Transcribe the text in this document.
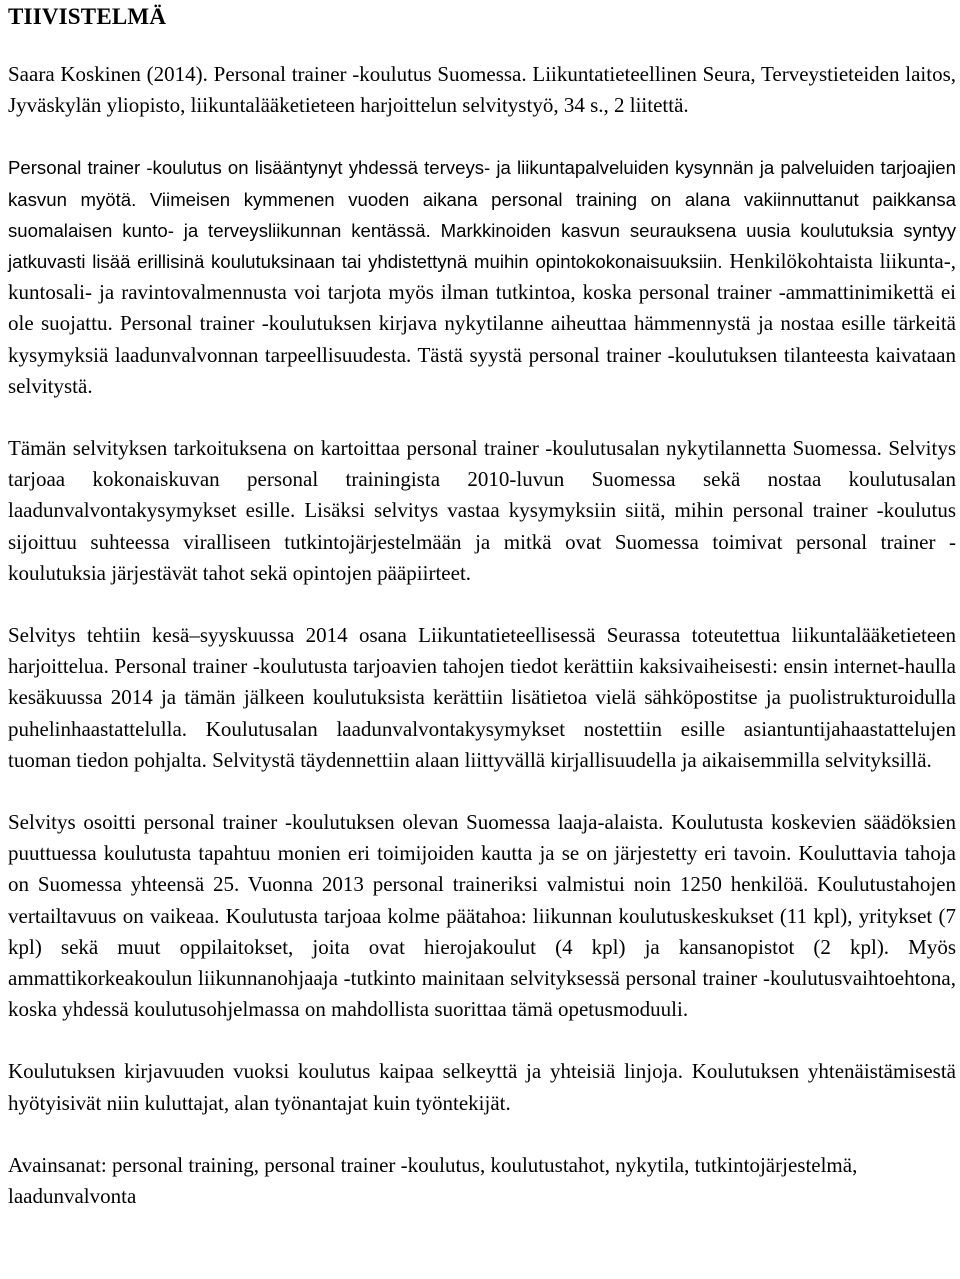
TIIVISTELMÄ

Saara Koskinen (2014). Personal trainer -koulutus Suomessa. Liikuntatieteellinen Seura, Terveystieteiden laitos, Jyväskylän yliopisto, liikuntalääketieteen harjoittelun selvitystyö, 34 s., 2 liitettä.

Personal trainer -koulutus on lisääntynyt yhdessä terveys- ja liikuntapalveluiden kysynnän ja palveluiden tarjoajien kasvun myötä. Viimeisen kymmenen vuoden aikana personal training on alana vakiinnuttanut paikkansa suomalaisen kunto- ja terveysliikunnan kentässä. Markkinoiden kasvun seurauksena uusia koulutuksia syntyy jatkuvasti lisää erillisinä koulutuksinaan tai yhdistettynä muihin opintokokonaisuuksiin. Henkilökohtaista liikunta-, kuntosali- ja ravintovalmennusta voi tarjota myös ilman tutkintoa, koska personal trainer -ammattinimikettä ei ole suojattu. Personal trainer -koulutuksen kirjava nykytilanne aiheuttaa hämmennystä ja nostaa esille tärkeitä kysymyksiä laadunvalvonnan tarpeellisuudesta. Tästä syystä personal trainer -koulutuksen tilanteesta kaivataan selvitystä.

Tämän selvityksen tarkoituksena on kartoittaa personal trainer -koulutusalan nykytilannetta Suomessa. Selvitys tarjoaa kokonaiskuvan personal trainingista 2010-luvun Suomessa sekä nostaa koulutusalan laadunvalvontakysymykset esille. Lisäksi selvitys vastaa kysymyksiin siitä, mihin personal trainer -koulutus sijoittuu suhteessa viralliseen tutkintojärjestelmään ja mitkä ovat Suomessa toimivat personal trainer -koulutuksia järjestävät tahot sekä opintojen pääpiirteet.

Selvitys tehtiin kesä–syyskuussa 2014 osana Liikuntatieteellisessä Seurassa toteutettua liikuntalääketieteen harjoittelua. Personal trainer -koulutusta tarjoavien tahojen tiedot kerättiin kaksivaiheisesti: ensin internet-haulla kesäkuussa 2014 ja tämän jälkeen koulutuksista kerättiin lisätietoa vielä sähköpostitse ja puolistrukturoidulla puhelinhaastattelulla. Koulutusalan laadunvalvontakysymykset nostettiin esille asiantuntijahaastattelujen tuoman tiedon pohjalta. Selvitystä täydennettiin alaan liittyvällä kirjallisuudella ja aikaisemmilla selvityksillä.

Selvitys osoitti personal trainer -koulutuksen olevan Suomessa laaja-alaista. Koulutusta koskevien säädöksien puuttuessa koulutusta tapahtuu monien eri toimijoiden kautta ja se on järjestetty eri tavoin. Kouluttavia tahoja on Suomessa yhteensä 25. Vuonna 2013 personal traineriksi valmistui noin 1250 henkilöä. Koulutustahojen vertailtavuus on vaikeaa. Koulutusta tarjoaa kolme päätahoa: liikunnan koulutuskeskukset (11 kpl), yritykset (7 kpl) sekä muut oppilaitokset, joita ovat hierojakoulut (4 kpl) ja kansanopistot (2 kpl). Myös ammattikorkeakoulun liikunnanohjaaja -tutkinto mainitaan selvityksessä personal trainer -koulutusvaihtoehtona, koska yhdessä koulutusohjelmassa on mahdollista suorittaa tämä opetusmoduuli.

Koulutuksen kirjavuuden vuoksi koulutus kaipaa selkeyttä ja yhteisiä linjoja. Koulutuksen yhtenäistämisestä hyötyisivät niin kuluttajat, alan työnantajat kuin työntekijät.

Avainsanat: personal training, personal trainer -koulutus, koulutustahot, nykytila, tutkintojärjestelmä, laadunvalvonta
